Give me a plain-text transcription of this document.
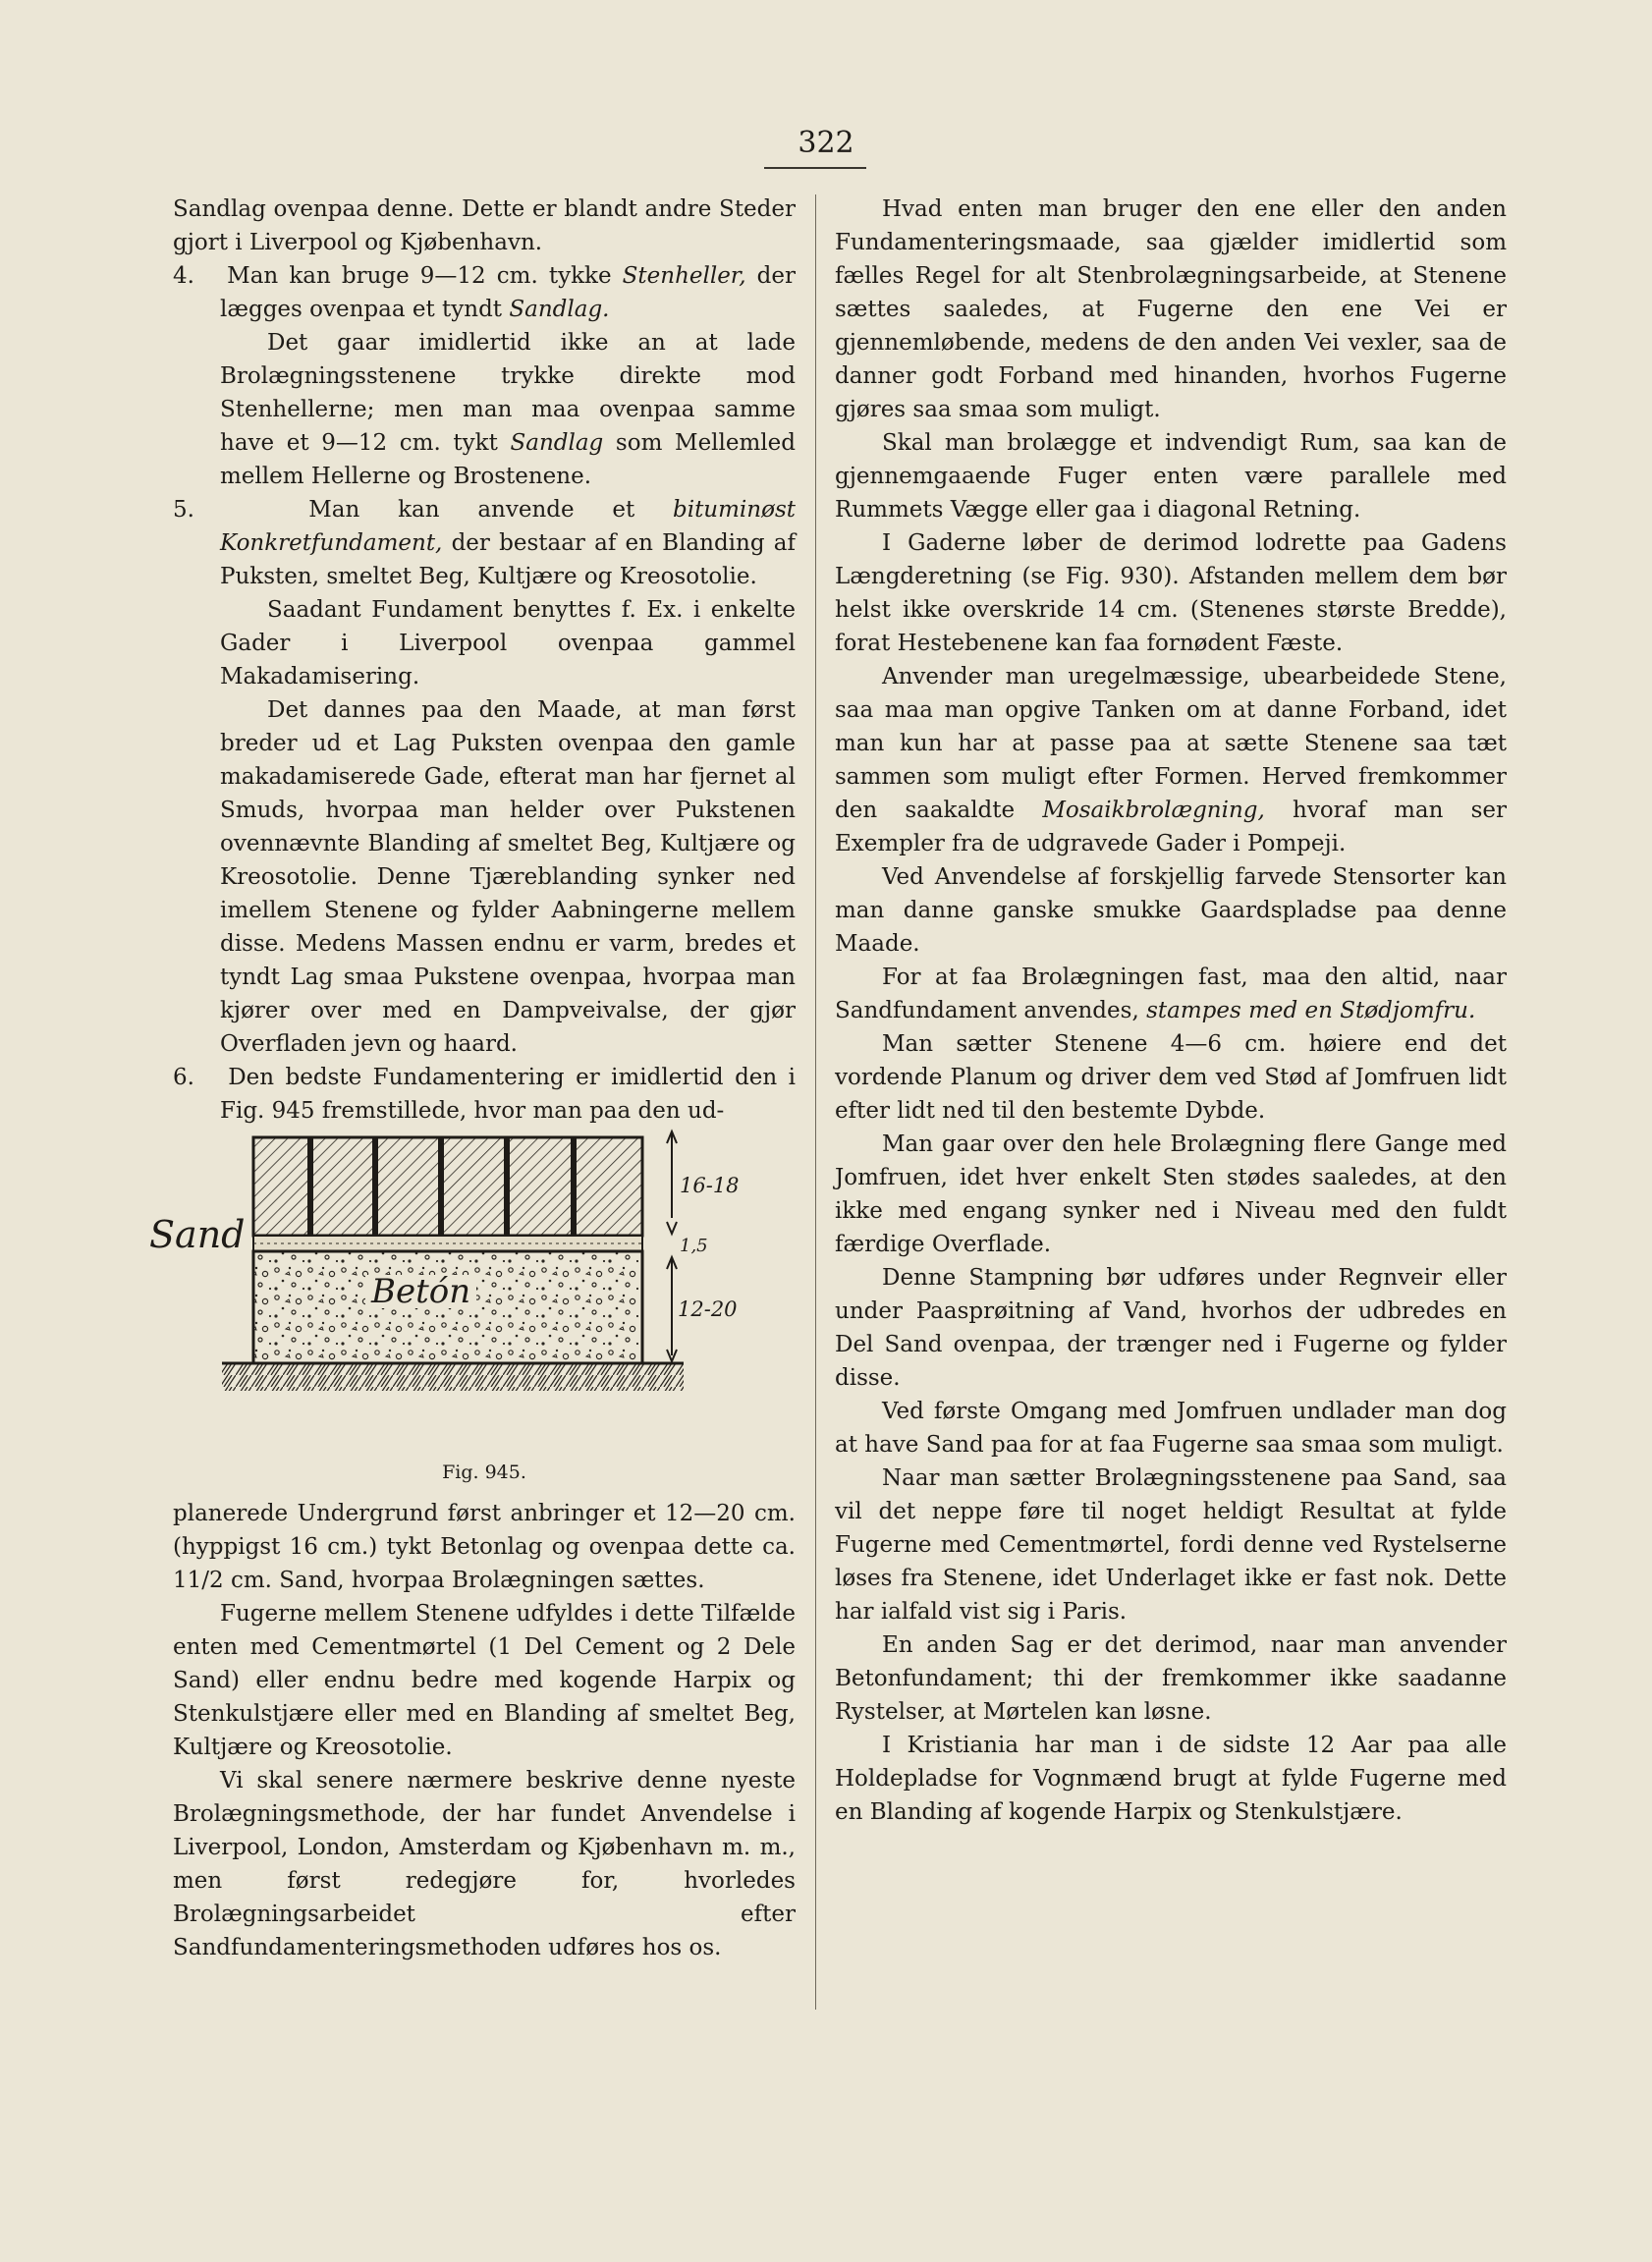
322

Sandlag ovenpaa denne. Dette er blandt andre Steder gjort i Liverpool og Kjøbenhavn.

4. Man kan bruge 9—12 cm. tykke Stenheller, der lægges ovenpaa et tyndt Sandlag.

Det gaar imidlertid ikke an at lade Brolægningsstenene trykke direkte mod Stenhellerne; men man maa ovenpaa samme have et 9—12 cm. tykt Sandlag som Mellemled mellem Hellerne og Brostenene.

5.	Man kan anvende et bituminøst Konkretfundament, der bestaar af en Blanding af Puksten, smeltet Beg, Kultjære og Kreosotolie.

Saadant Fundament benyttes f. Ex. i enkelte Gader i Liverpool ovenpaa gammel Makadamisering.

Det dannes paa den Maade, at man først breder ud et Lag Puksten ovenpaa den gamle makadamiserede Gade, efterat man har fjernet al Smuds, hvorpaa man helder over Pukstenen ovennævnte Blanding af smeltet Beg, Kultjære og Kreosotolie. Denne Tjæreblanding synker ned imellem Stenene og fylder Aabningerne mellem disse. Medens Massen endnu er varm, bredes et tyndt Lag smaa Pukstene ovenpaa, hvorpaa man kjører over med en Dampveivalse, der gjør Overfladen jevn og haard.

6. Den bedste Fundamentering er imidlertid den i Fig. 945 fremstillede, hvor man paa den ud-

Sand
Betón
16-18
1,5
12-20
Fig. 945.

planerede Undergrund først anbringer et 12—20 cm. (hyppigst 16 cm.) tykt Betonlag og ovenpaa dette ca. 11/2 cm. Sand, hvorpaa Brolægningen sættes.

Fugerne mellem Stenene udfyldes i dette Tilfælde enten med Cementmørtel (1 Del Cement og 2 Dele Sand) eller endnu bedre med kogende Harpix og Stenkulstjære eller med en Blanding af smeltet Beg, Kultjære og Kreosotolie.

Vi skal senere nærmere beskrive denne nyeste Brolægningsmethode, der har fundet Anvendelse i Liverpool, London, Amsterdam og Kjøbenhavn m. m., men først redegjøre for, hvorledes Brolægningsarbeidet efter Sandfundamenteringsmethoden udføres hos os.

Hvad enten man bruger den ene eller den anden Fundamenteringsmaade, saa gjælder imidlertid som fælles Regel for alt Stenbrolægningsarbeide, at Stenene sættes saaledes, at Fugerne den ene Vei er gjennemløbende, medens de den anden Vei vexler, saa de danner godt Forband med hinanden, hvorhos Fugerne gjøres saa smaa som muligt.

Skal man brolægge et indvendigt Rum, saa kan de gjennemgaaende Fuger enten være parallele med Rummets Vægge eller gaa i diagonal Retning.

I Gaderne løber de derimod lodrette paa Gadens Længderetning (se Fig. 930). Afstanden mellem dem bør helst ikke overskride 14 cm. (Stenenes største Bredde), forat Hestebenene kan faa fornødent Fæste.

Anvender man uregelmæssige, ubearbeidede Stene, saa maa man opgive Tanken om at danne Forband, idet man kun har at passe paa at sætte Stenene saa tæt sammen som muligt efter Formen. Herved fremkommer den saakaldte Mosaikbrolægning, hvoraf man ser Exempler fra de udgravede Gader i Pompeji.

Ved Anvendelse af forskjellig farvede Stensorter kan man danne ganske smukke Gaardspladse paa denne Maade.

For at faa Brolægningen fast, maa den altid, naar Sandfundament anvendes, stampes med en Stødjomfru.

Man sætter Stenene 4—6 cm. høiere end det vordende Planum og driver dem ved Stød af Jomfruen lidt efter lidt ned til den bestemte Dybde.

Man gaar over den hele Brolægning flere Gange med Jomfruen, idet hver enkelt Sten stødes saaledes, at den ikke med engang synker ned i Niveau med den fuldt færdige Overflade.

Denne Stampning bør udføres under Regnveir eller under Paasprøitning af Vand, hvorhos der udbredes en Del Sand ovenpaa, der trænger ned i Fugerne og fylder disse.

Ved første Omgang med Jomfruen undlader man dog at have Sand paa for at faa Fugerne saa smaa som muligt.

Naar man sætter Brolægningsstenene paa Sand, saa vil det neppe føre til noget heldigt Resultat at fylde Fugerne med Cementmørtel, fordi denne ved Rystelserne løses fra Stenene, idet Underlaget ikke er fast nok. Dette har ialfald vist sig i Paris.

En anden Sag er det derimod, naar man anvender Betonfundament; thi der fremkommer ikke saadanne Rystelser, at Mørtelen kan løsne.

I Kristiania har man i de sidste 12 Aar paa alle Holdepladse for Vognmænd brugt at fylde Fugerne med en Blanding af kogende Harpix og Stenkulstjære.
